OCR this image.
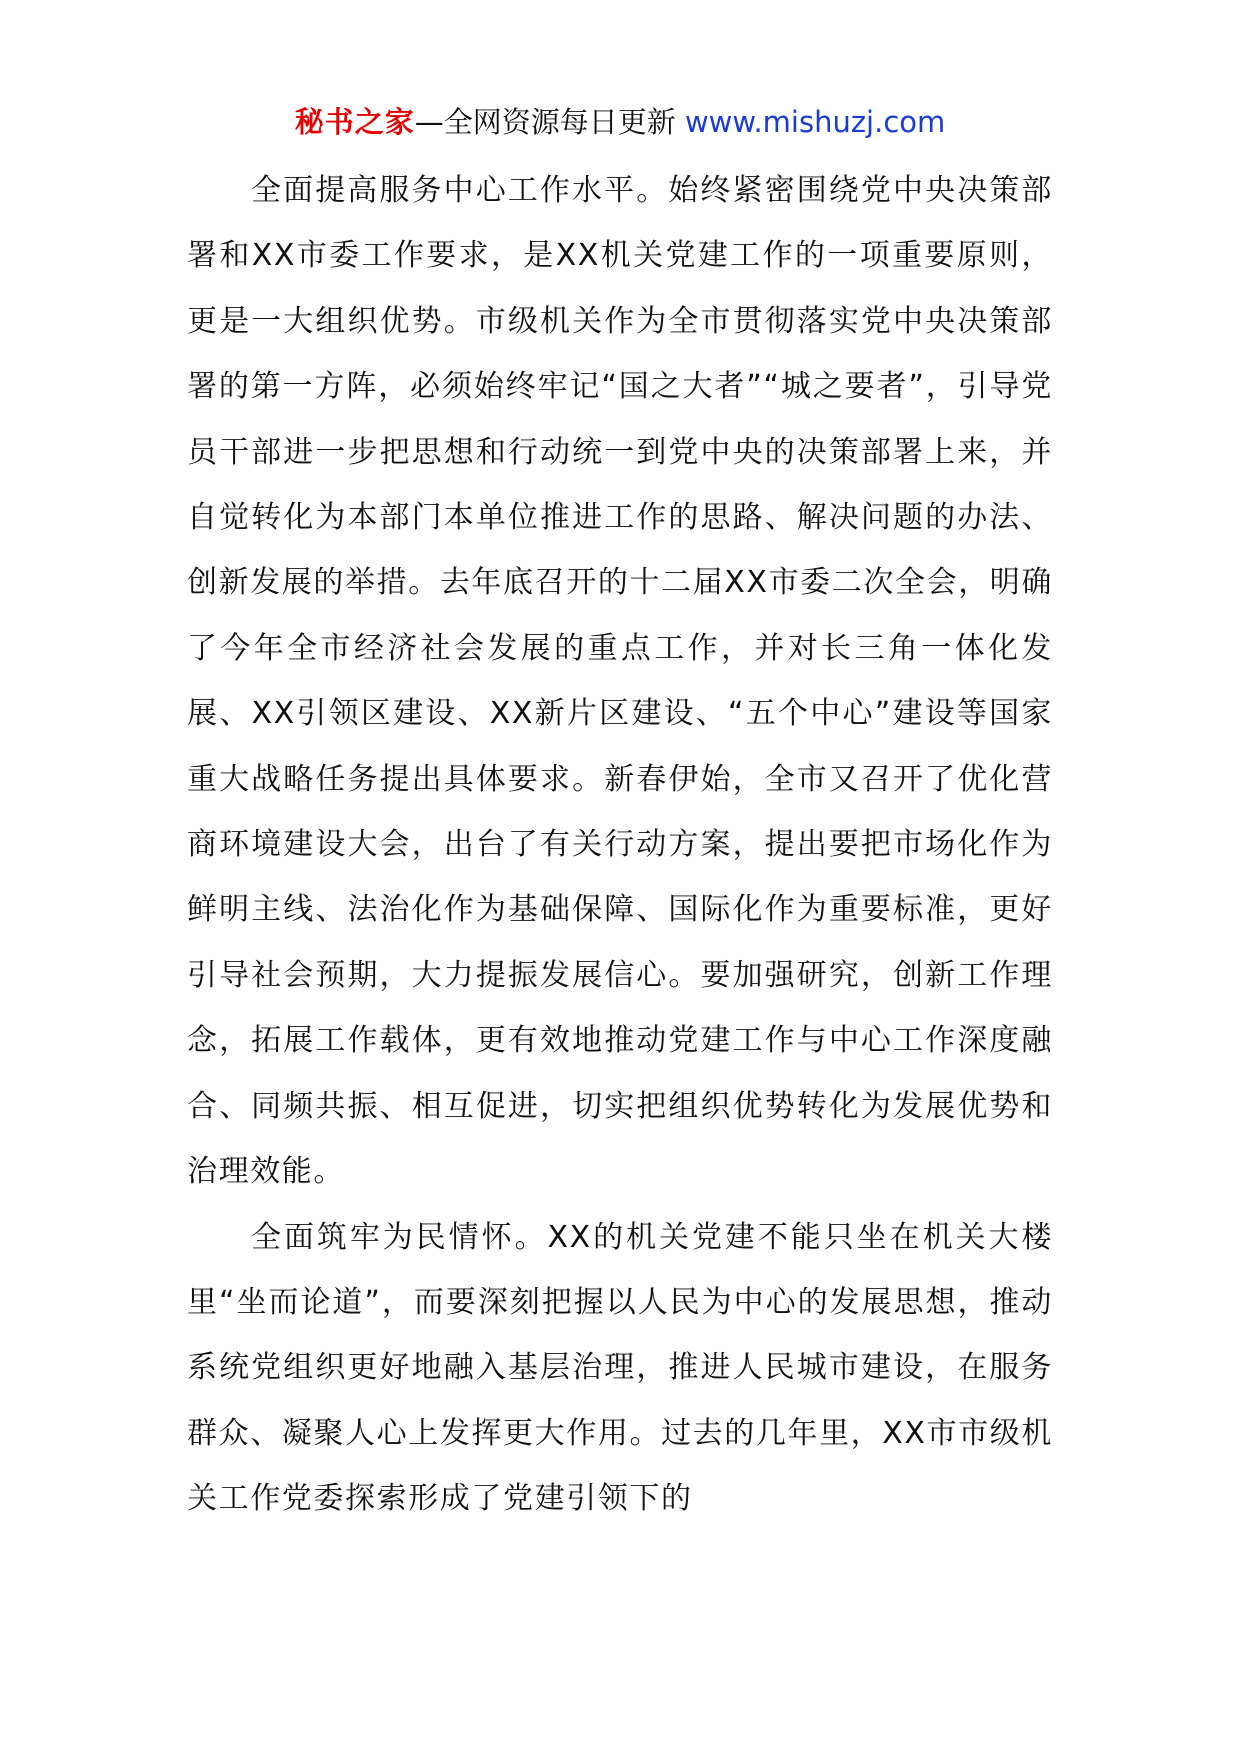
秘书之家—全网资源每日更新 www.mishuzj.com

全面提高服务中心工作水平。始终紧密围绕党中央决策部署和XX市委工作要求，是XX机关党建工作的一项重要原则，更是一大组织优势。市级机关作为全市贯彻落实党中央决策部署的第一方阵，必须始终牢记“国之大者”“城之要者”，引导党员干部进一步把思想和行动统一到党中央的决策部署上来，并自觉转化为本部门本单位推进工作的思路、解决问题的办法、创新发展的举措。去年底召开的十二届XX市委二次全会，明确了今年全市经济社会发展的重点工作，并对长三角一体化发展、XX引领区建设、XX新片区建设、“五个中心”建设等国家重大战略任务提出具体要求。新春伊始，全市又召开了优化营商环境建设大会，出台了有关行动方案，提出要把市场化作为鲜明主线、法治化作为基础保障、国际化作为重要标准，更好引导社会预期，大力提振发展信心。要加强研究，创新工作理念，拓展工作载体，更有效地推动党建工作与中心工作深度融合、同频共振、相互促进，切实把组织优势转化为发展优势和治理效能。

全面筑牢为民情怀。XX的机关党建不能只坐在机关大楼里“坐而论道”，而要深刻把握以人民为中心的发展思想，推动系统党组织更好地融入基层治理，推进人民城市建设，在服务群众、凝聚人心上发挥更大作用。过去的几年里，XX市市级机关工作党委探索形成了党建引领下的
